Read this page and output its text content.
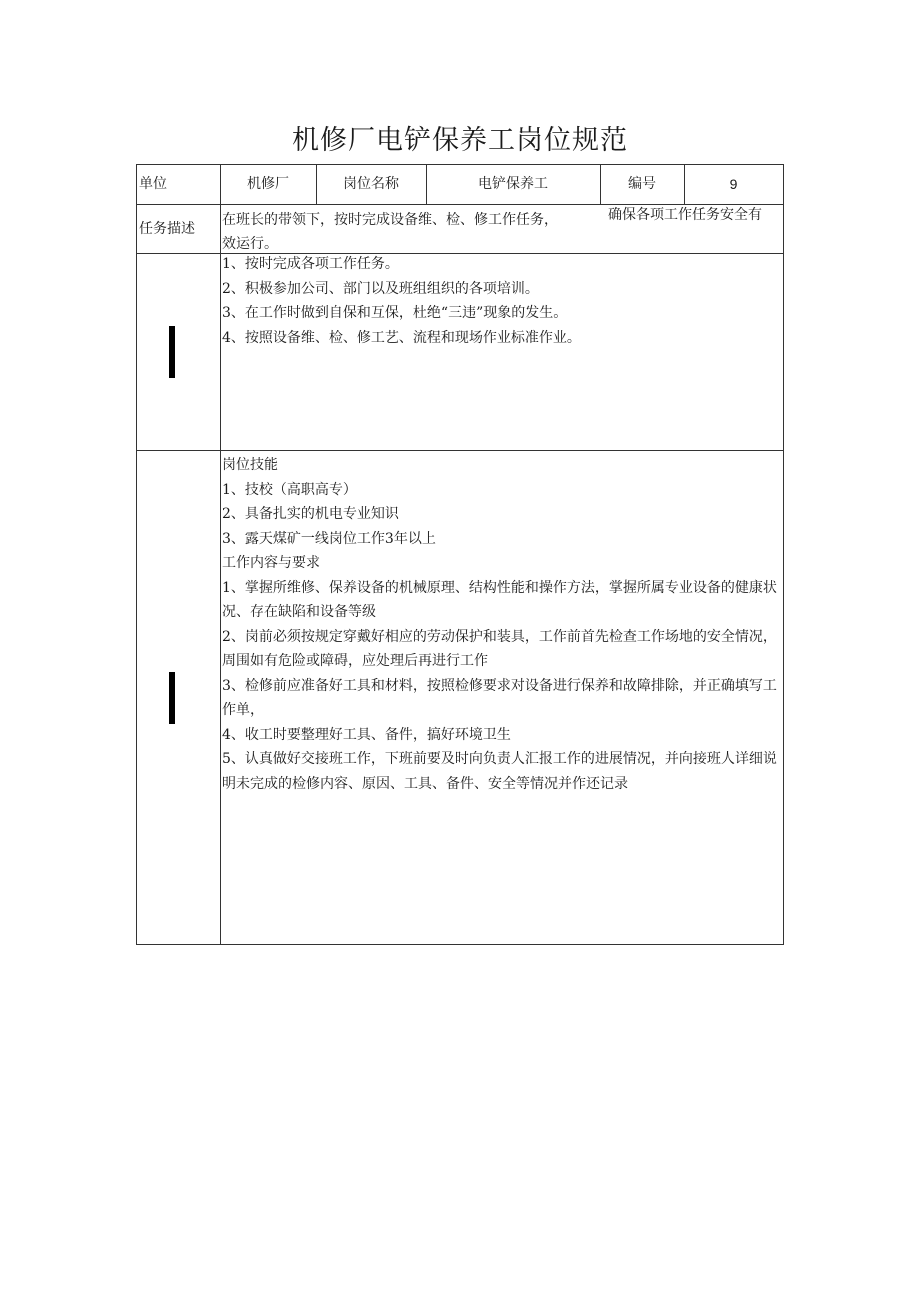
机修厂电铲保养工岗位规范
单位	机修厂	岗位名称	电铲保养工	编号	9
任务描述
在班长的带领下，按时完成设备维、检、修工作任务，	确保各项工作任务安全有
效运行。
1、按时完成各项工作任务。
2、积极参加公司、部门以及班组组织的各项培训。
3、在工作时做到自保和互保，杜绝“三违”现象的发生。
4、按照设备维、检、修工艺、流程和现场作业标准作业。
岗位技能
1、技校（高职高专）
2、具备扎实的机电专业知识
3、露天煤矿一线岗位工作3年以上
工作内容与要求
1、掌握所维修、保养设备的机械原理、结构性能和操作方法，掌握所属专业设备的健康状况、存在缺陷和设备等级
2、岗前必须按规定穿戴好相应的劳动保护和装具，工作前首先检查工作场地的安全情况，周围如有危险或障碍，应处理后再进行工作
3、检修前应准备好工具和材料，按照检修要求对设备进行保养和故障排除，并正确填写工作单，
4、收工时要整理好工具、备件，搞好环境卫生
5、认真做好交接班工作，下班前要及时向负责人汇报工作的进展情况，并向接班人详细说明未完成的检修内容、原因、工具、备件、安全等情况并作还记录
